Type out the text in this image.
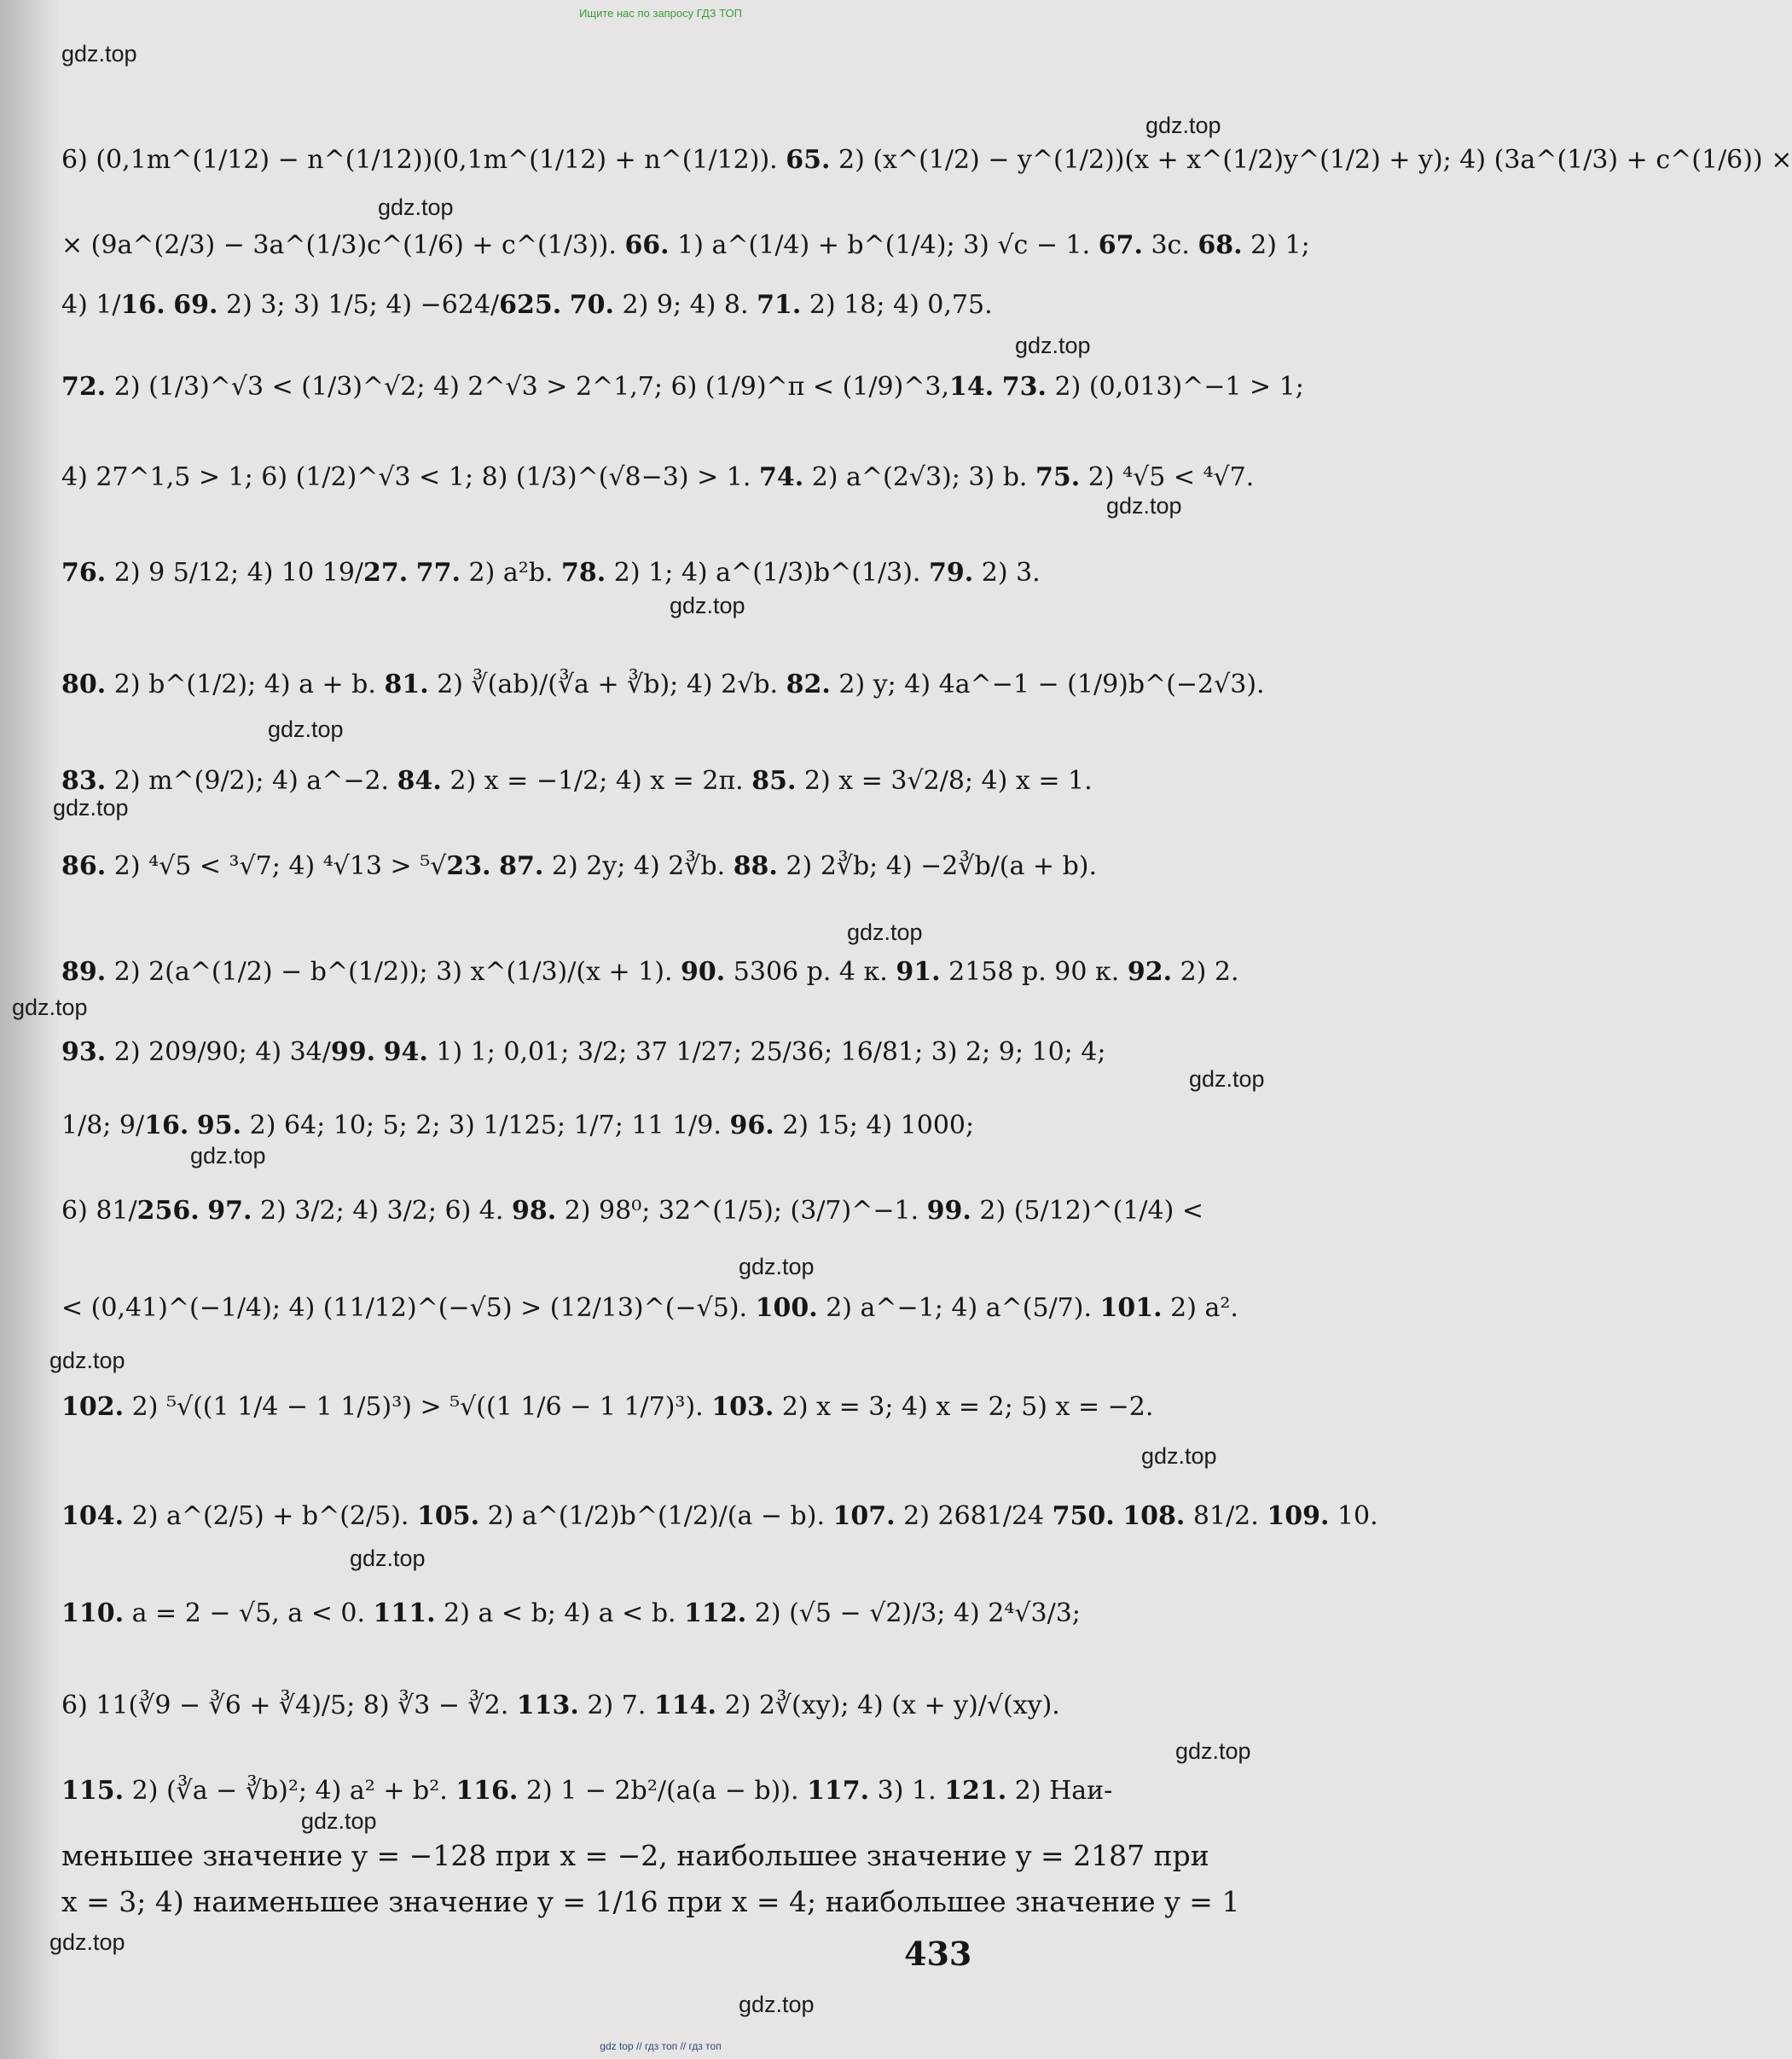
Ищите нас по запросу ГДЗ ТОП
gdz.top
gdz.top
gdz.top
gdz.top
gdz.top
gdz.top
gdz.top
gdz.top
gdz.top
gdz.top
gdz.top
gdz.top
gdz.top
gdz.top
gdz.top
gdz.top
gdz.top
gdz.top
gdz.top
gdz.top
6) (0,1m^(1/12) − n^(1/12))(0,1m^(1/12) + n^(1/12)). 65. 2) (x^(1/2) − y^(1/2))(x + x^(1/2)y^(1/2) + y); 4) (3a^(1/3) + c^(1/6)) ×
× (9a^(2/3) − 3a^(1/3)c^(1/6) + c^(1/3)). 66. 1) a^(1/4) + b^(1/4); 3) √c − 1. 67. 3c. 68. 2) 1;
4) 1/16. 69. 2) 3; 3) 1/5; 4) −624/625. 70. 2) 9; 4) 8. 71. 2) 18; 4) 0,75.
72. 2) (1/3)^√3 < (1/3)^√2; 4) 2^√3 > 2^1,7; 6) (1/9)^π < (1/9)^3,14. 73. 2) (0,013)^−1 > 1;
4) 27^1,5 > 1; 6) (1/2)^√3 < 1; 8) (1/3)^(√8−3) > 1. 74. 2) a^(2√3); 3) b. 75. 2) ⁴√5 < ⁴√7.
76. 2) 9 5/12; 4) 10 19/27. 77. 2) a²b. 78. 2) 1; 4) a^(1/3)b^(1/3). 79. 2) 3.
80. 2) b^(1/2); 4) a + b. 81. 2) ∛(ab)/(∛a + ∛b); 4) 2√b. 82. 2) y; 4) 4a^−1 − (1/9)b^(−2√3).
83. 2) m^(9/2); 4) a^−2. 84. 2) x = −1/2; 4) x = 2π. 85. 2) x = 3√2/8; 4) x = 1.
86. 2) ⁴√5 < ³√7; 4) ⁴√13 > ⁵√23. 87. 2) 2y; 4) 2∛b. 88. 2) 2∛b; 4) −2∛b/(a + b).
89. 2) 2(a^(1/2) − b^(1/2)); 3) x^(1/3)/(x + 1). 90. 5306 р. 4 к. 91. 2158 р. 90 к. 92. 2) 2.
93. 2) 209/90; 4) 34/99. 94. 1) 1; 0,01; 3/2; 37 1/27; 25/36; 16/81; 3) 2; 9; 10; 4;
1/8; 9/16. 95. 2) 64; 10; 5; 2; 3) 1/125; 1/7; 11 1/9. 96. 2) 15; 4) 1000;
6) 81/256. 97. 2) 3/2; 4) 3/2; 6) 4. 98. 2) 98⁰; 32^(1/5); (3/7)^−1. 99. 2) (5/12)^(1/4) <
< (0,41)^(−1/4); 4) (11/12)^(−√5) > (12/13)^(−√5). 100. 2) a^−1; 4) a^(5/7). 101. 2) a².
102. 2) ⁵√((1 1/4 − 1 1/5)³) > ⁵√((1 1/6 − 1 1/7)³). 103. 2) x = 3; 4) x = 2; 5) x = −2.
104. 2) a^(2/5) + b^(2/5). 105. 2) a^(1/2)b^(1/2)/(a − b). 107. 2) 2681/24 750. 108. 81/2. 109. 10.
110. a = 2 − √5, a < 0. 111. 2) a < b; 4) a < b. 112. 2) (√5 − √2)/3; 4) 2⁴√3/3;
6) 11(∛9 − ∛6 + ∛4)/5; 8) ∛3 − ∛2. 113. 2) 7. 114. 2) 2∛(xy); 4) (x + y)/√(xy).
115. 2) (∛a − ∛b)²; 4) a² + b². 116. 2) 1 − 2b²/(a(a − b)). 117. 3) 1. 121. 2) Наи-
меньшее значение y = −128 при x = −2, наибольшее значение y = 2187 при
x = 3; 4) наименьшее значение y = 1/16 при x = 4; наибольшее значение y = 1
433
gdz top // гдз топ // гдз топ
